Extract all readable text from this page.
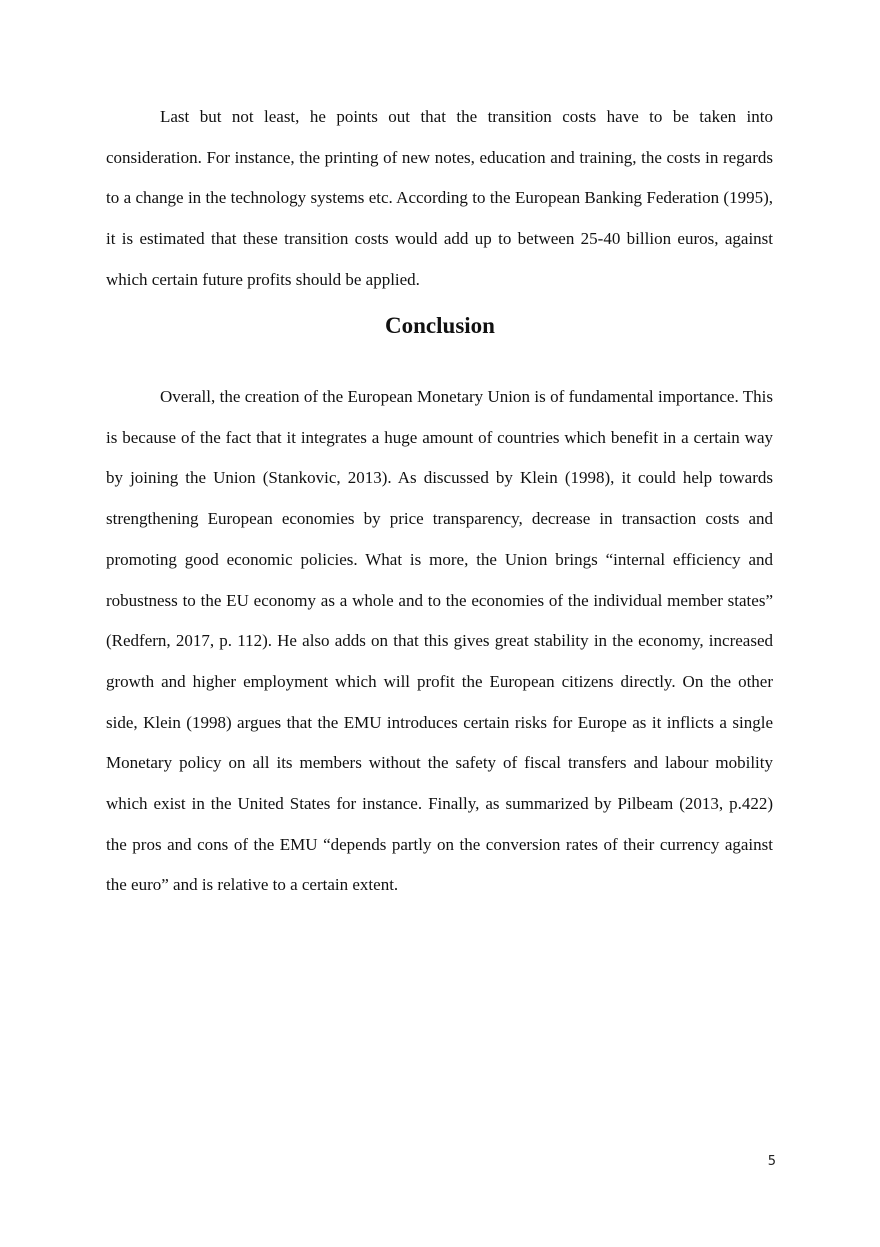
Last but not least, he points out that the transition costs have to be taken into consideration. For instance, the printing of new notes, education and training, the costs in regards to a change in the technology systems etc. According to the European Banking Federation (1995), it is estimated that these transition costs would add up to between 25-40 billion euros, against which certain future profits should be applied.

Conclusion

Overall, the creation of the European Monetary Union is of fundamental importance. This is because of the fact that it integrates a huge amount of countries which benefit in a certain way by joining the Union (Stankovic, 2013). As discussed by Klein (1998), it could help towards strengthening European economies by price transparency, decrease in transaction costs and promoting good economic policies. What is more, the Union brings “internal efficiency and robustness to the EU economy as a whole and to the economies of the individual member states” (Redfern, 2017, p. 112). He also adds on that this gives great stability in the economy, increased growth and higher employment which will profit the European citizens directly. On the other side, Klein (1998) argues that the EMU introduces certain risks for Europe as it inflicts a single Monetary policy on all its members without the safety of fiscal transfers and labour mobility which exist in the United States for instance. Finally, as summarized by Pilbeam (2013, p.422) the pros and cons of the EMU “depends partly on the conversion rates of their currency against the euro” and is relative to a certain extent.

5
